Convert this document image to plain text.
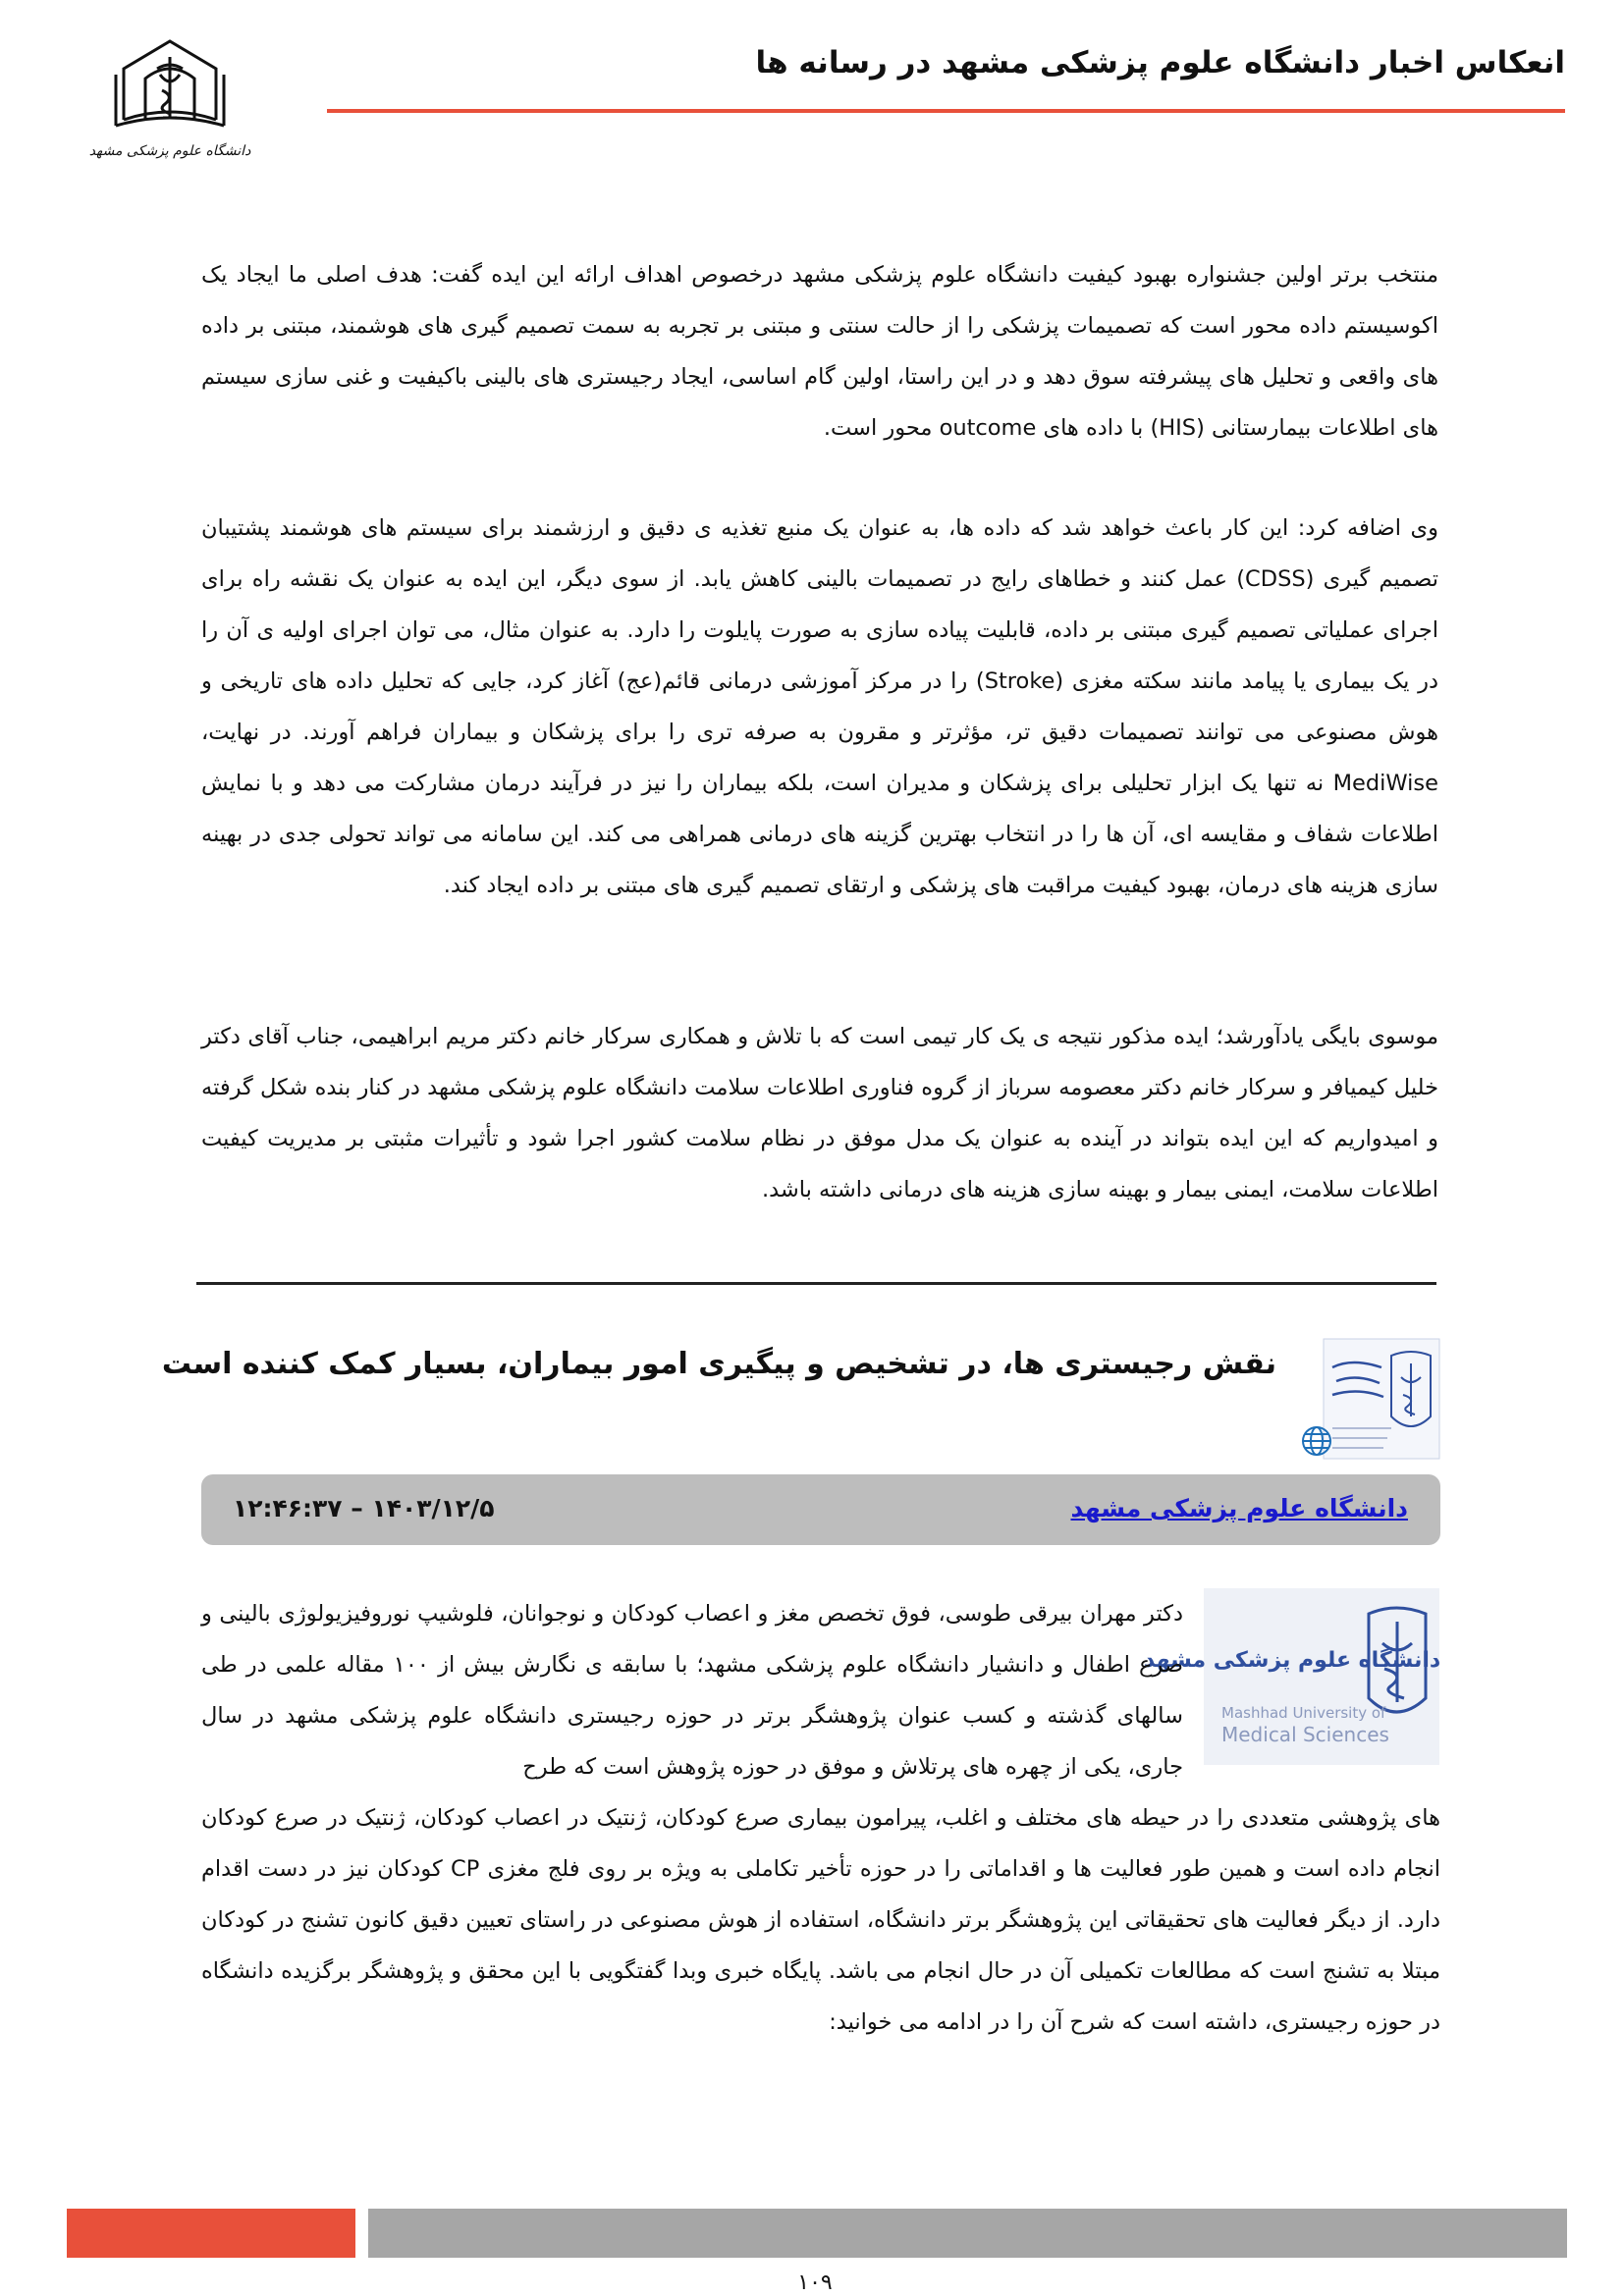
انعکاس اخبار دانشگاه علوم پزشکی مشهد در رسانه ها
دانشگاه علوم پزشکی مشهد
منتخب برتر اولین جشنواره بهبود کیفیت دانشگاه علوم پزشکی مشهد درخصوص اهداف ارائه این ایده گفت: هدف اصلی ما ایجاد یک اکوسیستم داده محور است که تصمیمات پزشکی را از حالت سنتی و مبتنی بر تجربه به سمت تصمیم گیری های هوشمند، مبتنی بر داده های واقعی و تحلیل های پیشرفته سوق دهد و در این راستا، اولین گام اساسی، ایجاد رجیستری های بالینی باکیفیت و غنی سازی سیستم های اطلاعات بیمارستانی (HIS) با داده های outcome محور است.
وی اضافه کرد: این کار باعث خواهد شد که داده ها، به عنوان یک منبع تغذیه ی دقیق و ارزشمند برای سیستم های هوشمند پشتیبان تصمیم گیری (CDSS) عمل کنند و خطاهای رایج در تصمیمات بالینی کاهش یابد. از سوی دیگر، این ایده به عنوان یک نقشه راه برای اجرای عملیاتی تصمیم گیری مبتنی بر داده، قابلیت پیاده سازی به صورت پایلوت را دارد. به عنوان مثال، می توان اجرای اولیه ی آن را در یک بیماری یا پیامد مانند سکته مغزی (Stroke) را در مرکز آموزشی درمانی قائم(عج) آغاز کرد، جایی که تحلیل داده های تاریخی و هوش مصنوعی می توانند تصمیمات دقیق تر، مؤثرتر و مقرون به صرفه تری را برای پزشکان و بیماران فراهم آورند. در نهایت، MediWise نه تنها یک ابزار تحلیلی برای پزشکان و مدیران است، بلکه بیماران را نیز در فرآیند درمان مشارکت می دهد و با نمایش اطلاعات شفاف و مقایسه ای، آن ها را در انتخاب بهترین گزینه های درمانی همراهی می کند. این سامانه می تواند تحولی جدی در بهینه سازی هزینه های درمان، بهبود کیفیت مراقبت های پزشکی و ارتقای تصمیم گیری های مبتنی بر داده ایجاد کند.
موسوی بایگی یادآورشد؛ ایده مذکور نتیجه ی یک کار تیمی است که با تلاش و همکاری سرکار خانم دکتر مریم ابراهیمی، جناب آقای دکتر خلیل کیمیافر و سرکار خانم دکتر معصومه سرباز از گروه فناوری اطلاعات سلامت دانشگاه علوم پزشکی مشهد در کنار بنده شکل گرفته و امیدواریم که این ایده بتواند در آینده به عنوان یک مدل موفق در نظام سلامت کشور اجرا شود و تأثیرات مثبتی بر مدیریت کیفیت اطلاعات سلامت، ایمنی بیمار و بهینه سازی هزینه های درمانی داشته باشد.
نقش رجیستری ها، در تشخیص و پیگیری امور بیماران، بسیار کمک کننده است
دانشگاه علوم پزشکی مشهد
۱۴۰۳/۱۲/۵ – ۱۲:۴۶:۳۷
دانشگاه علوم پزشکی مشهد
Mashhad University of
Medical Sciences
دکتر مهران بیرقی طوسی، فوق تخصص مغز و اعصاب کودکان و نوجوانان، فلوشیپ نوروفیزیولوژی بالینی و صرع اطفال و دانشیار دانشگاه علوم پزشکی مشهد؛ با سابقه ی نگارش بیش از ۱۰۰ مقاله علمی در طی سالهای گذشته و کسب عنوان پژوهشگر برتر در حوزه رجیستری دانشگاه علوم پزشکی مشهد در سال جاری، یکی از چهره های پرتلاش و موفق در حوزه پژوهش است که طرح
های پژوهشی متعددی را در حیطه های مختلف و اغلب، پیرامون بیماری صرع کودکان، ژنتیک در اعصاب کودکان، ژنتیک در صرع کودکان انجام داده است و همین طور فعالیت ها و اقداماتی را در حوزه تأخیر تکاملی به ویژه بر روی فلج مغزی CP کودکان نیز در دست اقدام دارد. از دیگر فعالیت های تحقیقاتی این پژوهشگر برتر دانشگاه، استفاده از هوش مصنوعی در راستای تعیین دقیق کانون تشنج در کودکان مبتلا به تشنج است که مطالعات تکمیلی آن در حال انجام می باشد. پایگاه خبری وبدا گفتگویی با این محقق و پژوهشگر برگزیده دانشگاه در حوزه رجیستری، داشته است که شرح آن را در ادامه می خوانید:
۱۰۹
